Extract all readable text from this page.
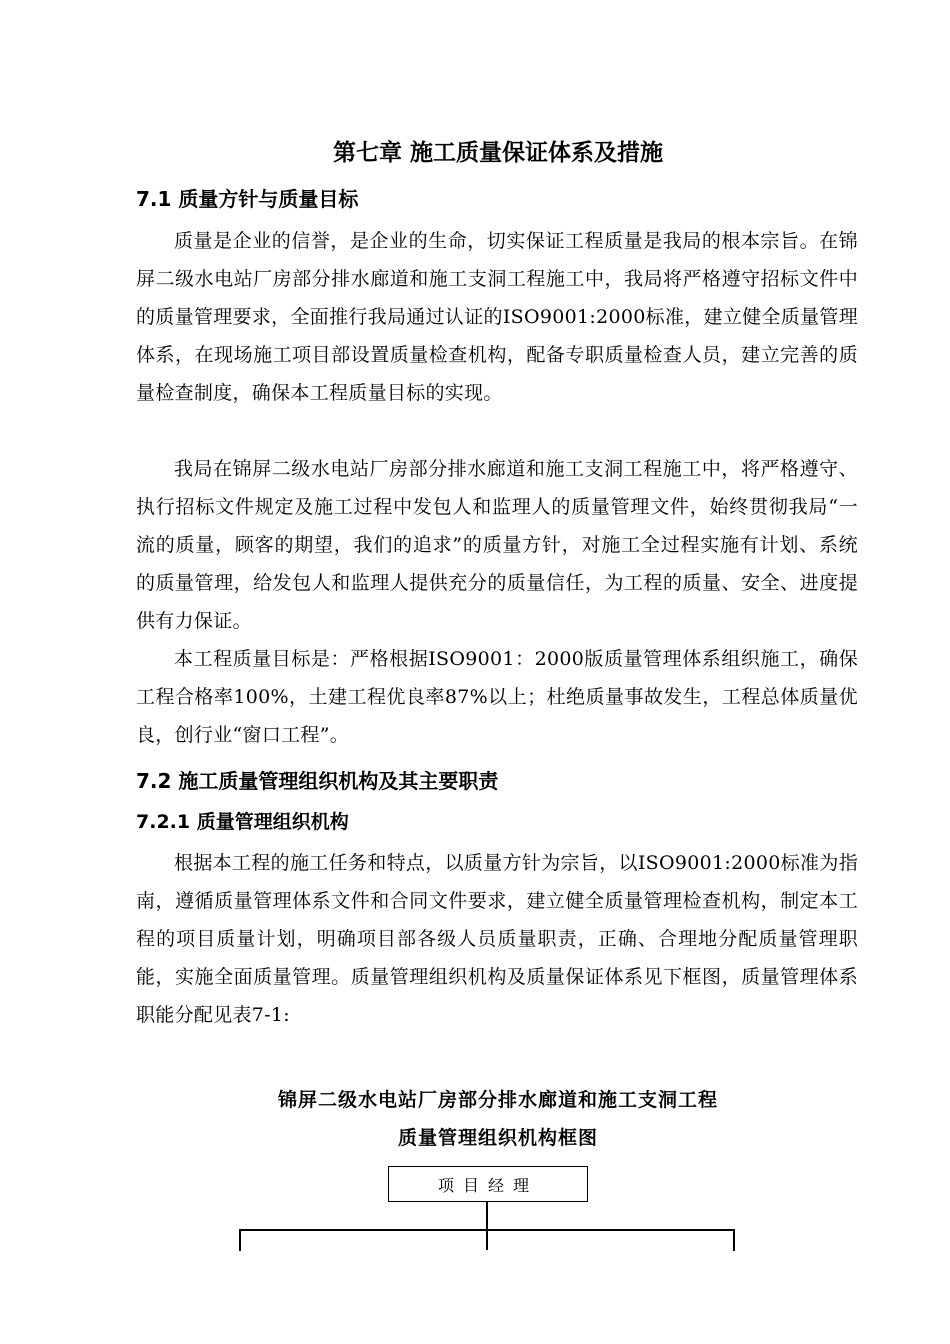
第七章 施工质量保证体系及措施
7.1 质量方针与质量目标

质量是企业的信誉，是企业的生命，切实保证工程质量是我局的根本宗旨。在锦屏二级水电站厂房部分排水廊道和施工支洞工程施工中，我局将严格遵守招标文件中的质量管理要求，全面推行我局通过认证的ISO9001:2000标准，建立健全质量管理体系，在现场施工项目部设置质量检查机构，配备专职质量检查人员，建立完善的质量检查制度，确保本工程质量目标的实现。

我局在锦屏二级水电站厂房部分排水廊道和施工支洞工程施工中，将严格遵守、执行招标文件规定及施工过程中发包人和监理人的质量管理文件，始终贯彻我局“一流的质量，顾客的期望，我们的追求”的质量方针，对施工全过程实施有计划、系统的质量管理，给发包人和监理人提供充分的质量信任，为工程的质量、安全、进度提供有力保证。

本工程质量目标是：严格根据ISO9001：2000版质量管理体系组织施工，确保工程合格率100%，土建工程优良率87%以上；杜绝质量事故发生，工程总体质量优良，创行业“窗口工程”。

7.2 施工质量管理组织机构及其主要职责
7.2.1 质量管理组织机构

根据本工程的施工任务和特点，以质量方针为宗旨，以ISO9001:2000标准为指南，遵循质量管理体系文件和合同文件要求，建立健全质量管理检查机构，制定本工程的项目质量计划，明确项目部各级人员质量职责，正确、合理地分配质量管理职能，实施全面质量管理。质量管理组织机构及质量保证体系见下框图，质量管理体系职能分配见表7-1:

锦屏二级水电站厂房部分排水廊道和施工支洞工程
质量管理组织机构框图
项目经理
